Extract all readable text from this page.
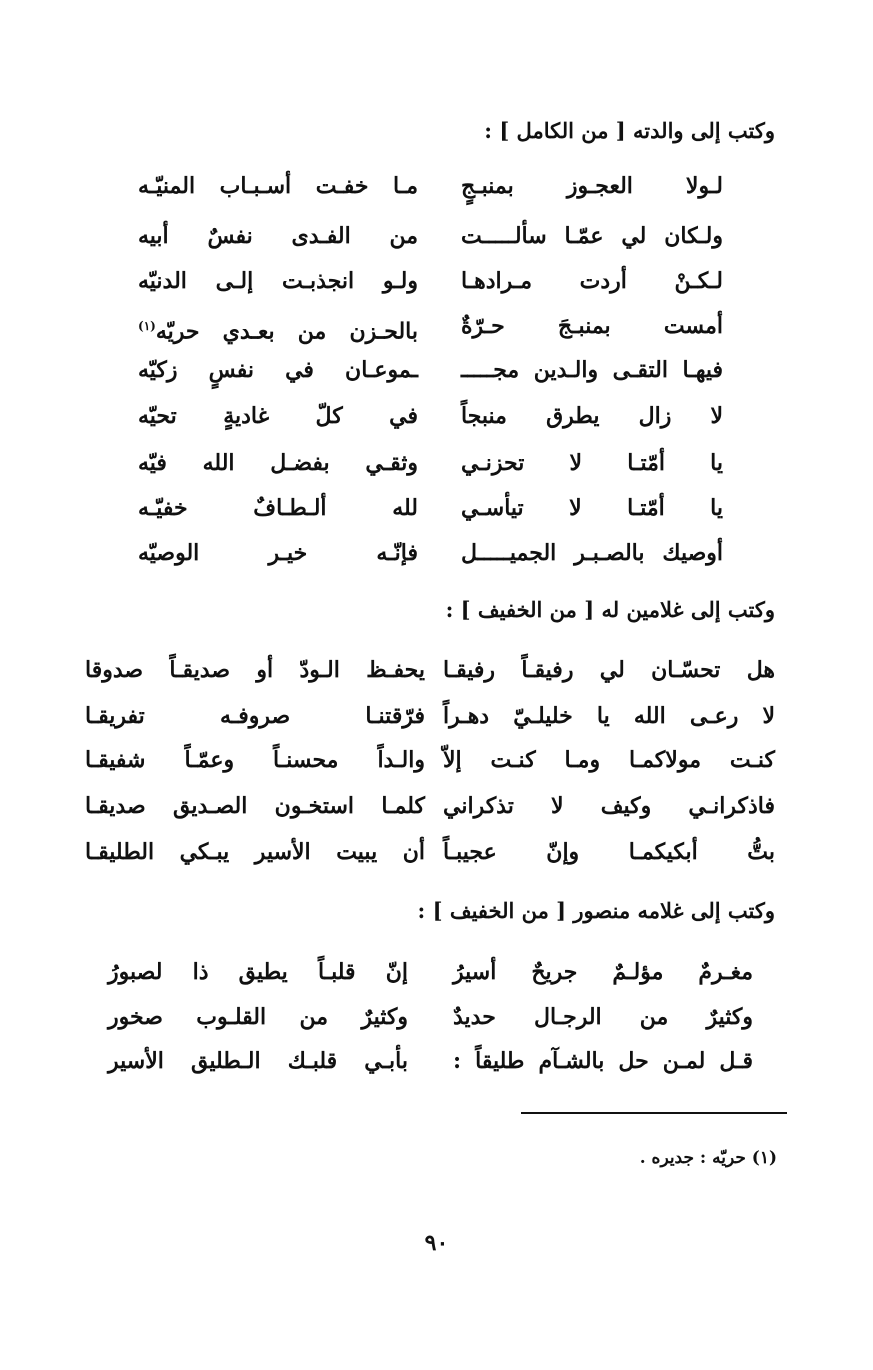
وكتب إلى والدته [ من الكامل ] :
لـولا العجـوز بمنبـجٍ
مـا خفـت أسـبـاب المنيّـه
ولـكان لي عمّـا سألـــــت
من الفـدى نفسٌ أبيه
لـكـنْ أردت مـرادهـا
ولـو انجذبـت إلـى الدنيّه
أمست بمنبـجَ حـرّةٌ
بالحـزن من بعـدي حريّه$^{(١)}$
فيهـا التقـى والـدين مجـــــ
ـموعـان في نفسٍ زكيّه
لا زال يطرق منبجاً
في كلّ غاديةٍ تحيّه
يا أمّتـا لا تحزنـي
وثقـي بفضـل الله فيّه
يا أمّتـا لا تيأسـي
لله ألـطـافٌ خفيّـه
أوصيك بالصـبـر الجميـــــل
فإنّـه خيـر الوصيّه
وكتب إلى غلامين له [ من الخفيف ] :
هل تحسّـان لي رفيقـاً رفيقـا
يحفـظ الـودّ أو صديقـاً صدوقا
لا رعـى الله يا خليلـيّ دهـراً
فرّقتنـا صروفـه تفريقـا
كنـت مولاكمـا ومـا كنـت إلاّ
والـداً محسنـاً وعمّـاً شفيقـا
فاذكرانـي وكيف لا تذكراني
كلمـا استخـون الصـديق صديقـا
بتُّ أبكيكمـا وإنّ عجيبـاً
أن يبيت الأسير يبـكي الطليقـا
وكتب إلى غلامه منصور [ من الخفيف ] :
مغـرمٌ مؤلـمٌ جريحٌ أسيرُ
إنّ قلبـاً يطيق ذا لصبورُ
وكثيرٌ من الرجـال حديدٌ
وكثيرٌ من القلـوب صخور
قـل لمـن حل بالشـآم طليقاً :
بأبـي قلبـك الـطليق الأسير
(١) حريّه : جديره .
٩٠
